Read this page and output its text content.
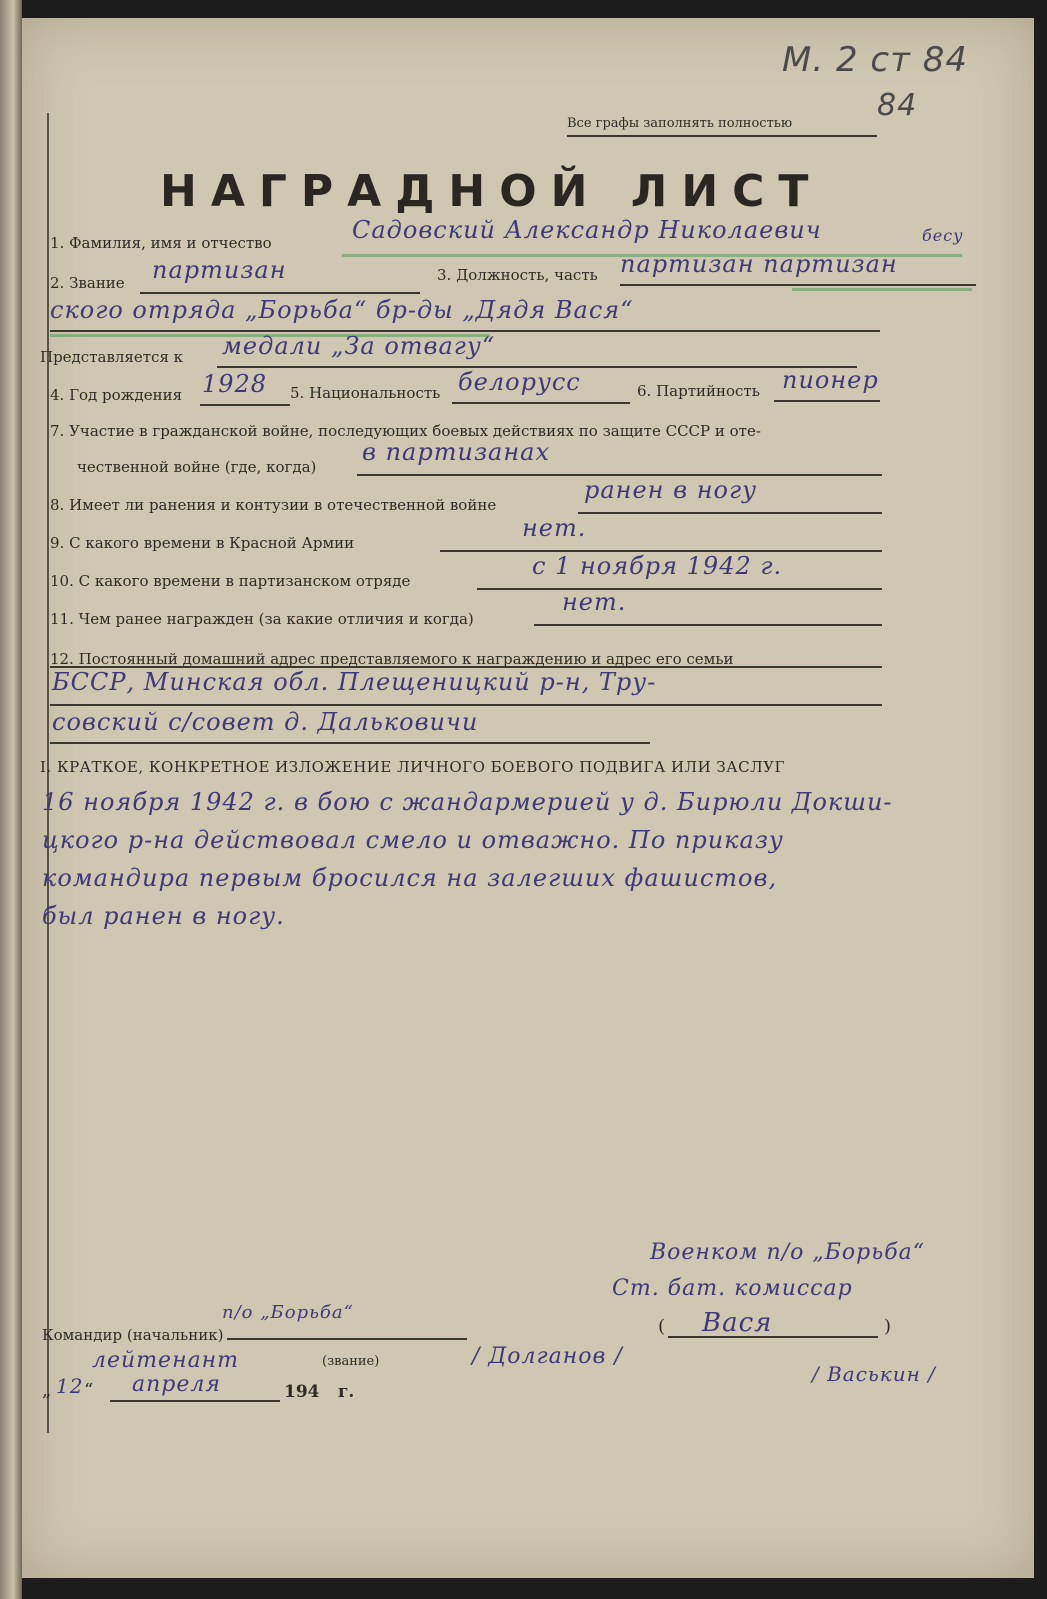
М. 2 ст 84
84
Все графы заполнять полностью
НАГРАДНОЙ ЛИСТ
1. Фамилия, имя и отчество	Садовский Александр Николаевич
2. Звание партизан	3. Должность, часть партизан партизан
бесу
ского отряда „Борьба“ бр-ды „Дядя Вася“
Представляется к медали „За отвагу“
4. Год рождения 1928 5. Национальность белорусс	6. Партийность пионер
7. Участие в гражданской войне, последующих боевых действиях по защите СССР и оте-
чественной войне (где, когда)
в партизанах
8. Имеет ли ранения и контузии в отечественной войне
ранен в ногу
9. С какого времени в Красной Армии
нет.
10. С какого времени в партизанском отряде
с 1 ноября 1942 г.
11. Чем ранее награжден (за какие отличия и когда)
нет.
12. Постоянный домашний адрес представляемого к награждению и адрес его семьи
БССР, Минская обл. Плещеницкий р-н, Тру-
совский с/совет д. Дальковичи
I. КРАТКОЕ, КОНКРЕТНОЕ ИЗЛОЖЕНИЕ ЛИЧНОГО БОЕВОГО ПОДВИГА ИЛИ ЗАСЛУГ
16 ноября 1942 г. в бою с жандармерией у д. Бирюли Докши-
цкого р-на действовал смело и отважно. По приказу
командира первым бросился на залегших фашистов,
был ранен в ногу.
Военком п/о „Борьба“
Ст. бат. комиссар
( Вася	)
/ Васькин /
Командир (начальник)
п/о „Борьба“
лейтенант	(звание)	/ Долганов /
„ 12 “ апреля	194 г.
